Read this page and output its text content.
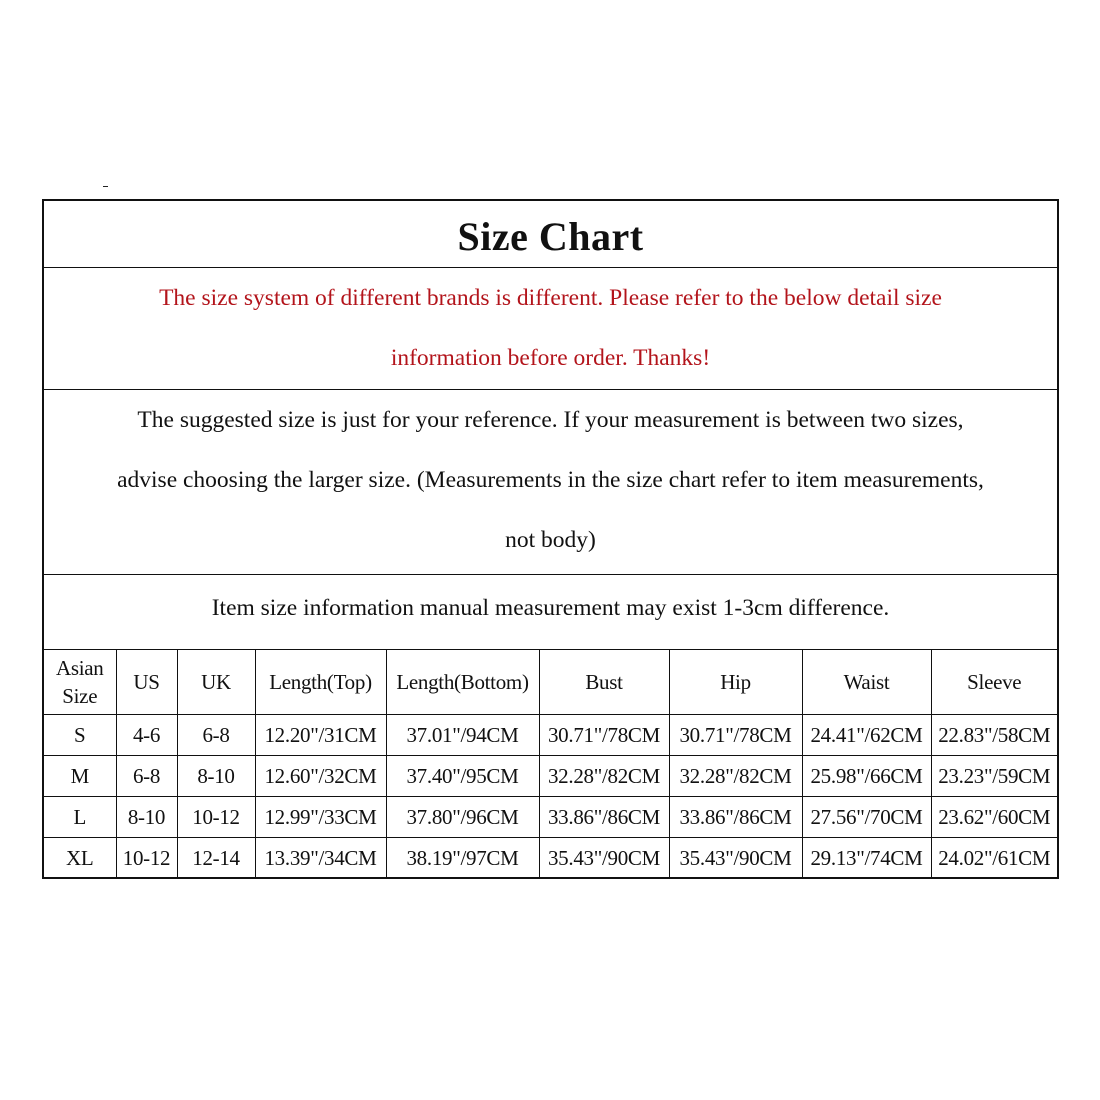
Size Chart
The size system of different brands is different. Please refer to the below detail size
information before order. Thanks!
The suggested size is just for your reference. If your measurement is between two sizes,
advise choosing the larger size. (Measurements in the size chart refer to item measurements,
not body)
Item size information manual measurement may exist 1-3cm difference.
Asian
Size	US	UK	Length(Top)	Length(Bottom)	Bust	Hip	Waist	Sleeve
S	4-6	6-8	12.20"/31CM	37.01"/94CM	30.71"/78CM	30.71"/78CM	24.41"/62CM	22.83"/58CM
M	6-8	8-10	12.60"/32CM	37.40"/95CM	32.28"/82CM	32.28"/82CM	25.98"/66CM	23.23"/59CM
L	8-10	10-12	12.99"/33CM	37.80"/96CM	33.86"/86CM	33.86"/86CM	27.56"/70CM	23.62"/60CM
XL	10-12	12-14	13.39"/34CM	38.19"/97CM	35.43"/90CM	35.43"/90CM	29.13"/74CM	24.02"/61CM
